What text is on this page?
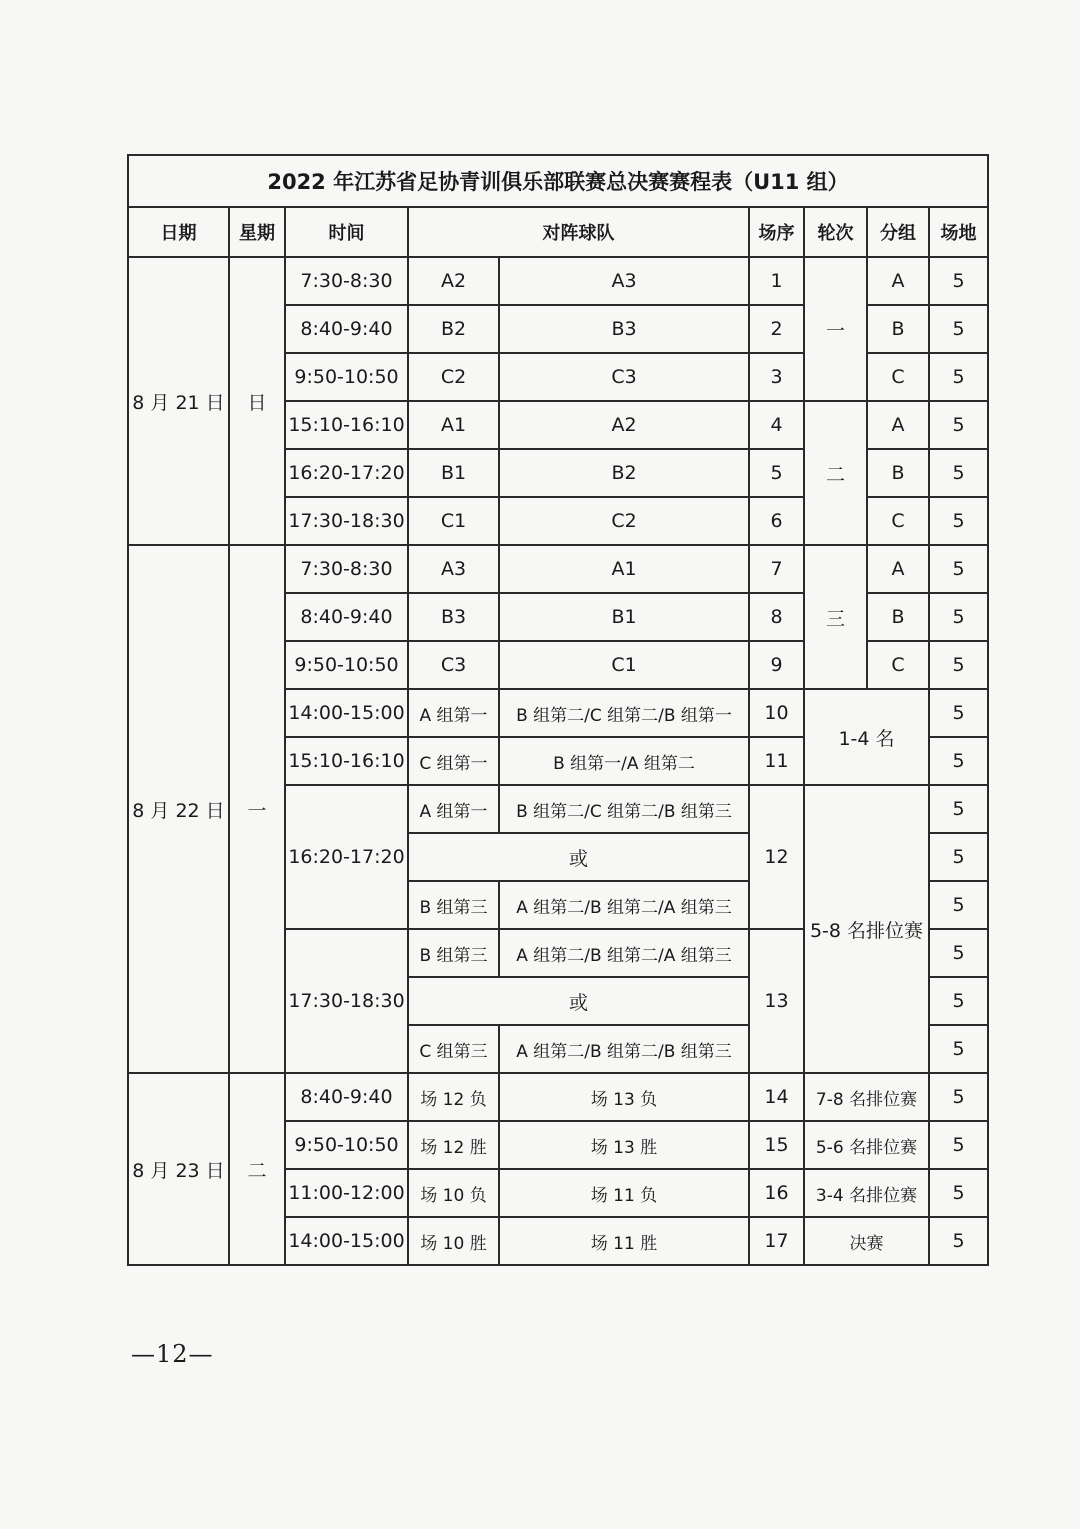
2022 年江苏省足协青训俱乐部联赛总决赛赛程表（U11 组）								
日期	星期	时间	对阵球队		场序	轮次	分组	场地
8 月 21 日	日	7:30-8:30	A2	A3	1	一	A	5
		8:40-9:40	B2	B3	2		B	5
		9:50-10:50	C2	C3	3		C	5
		15:10-16:10	A1	A2	4	二	A	5
		16:20-17:20	B1	B2	5		B	5
		17:30-18:30	C1	C2	6		C	5
8 月 22 日	一	7:30-8:30	A3	A1	7	三	A	5
		8:40-9:40	B3	B1	8		B	5
		9:50-10:50	C3	C1	9		C	5
		14:00-15:00	A 组第一	B 组第二/C 组第二/B 组第一	10	1-4 名		5
		15:10-16:10	C 组第一	B 组第一/A 组第二	11			5
		16:20-17:20	A 组第一	B 组第二/C 组第二/B 组第三	12	5-8 名排位赛		5
			或					5
			B 组第三	A 组第二/B 组第二/A 组第三				5
		17:30-18:30	B 组第三	A 组第二/B 组第二/A 组第三	13			5
			或					5
			C 组第三	A 组第二/B 组第二/B 组第三				5
8 月 23 日	二	8:40-9:40	场 12 负	场 13 负	14	7-8 名排位赛		5
		9:50-10:50	场 12 胜	场 13 胜	15	5-6 名排位赛		5
		11:00-12:00	场 10 负	场 11 负	16	3-4 名排位赛		5
		14:00-15:00	场 10 胜	场 11 胜	17	决赛		5
—12—
